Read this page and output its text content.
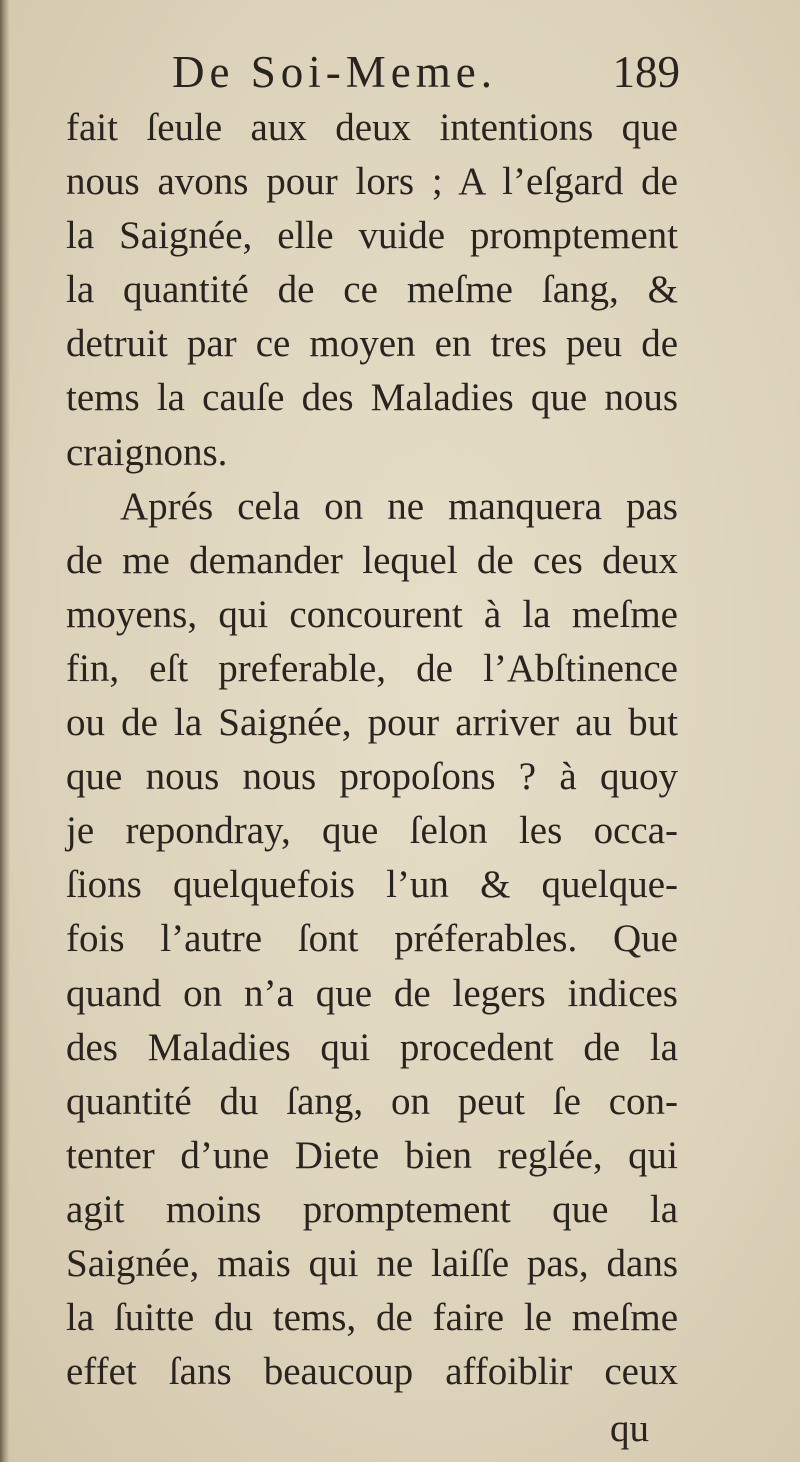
De Soi-Meme.	189
fait ſeule aux deux intentions que
nous avons pour lors ; A l’eſgard de
la Saignée, elle vuide promptement
la quantité de ce meſme ſang, &
detruit par ce moyen en tres peu de
tems la cauſe des Maladies que nous
craignons.
Aprés cela on ne manquera pas
de me demander lequel de ces deux
moyens, qui concourent à la meſme
fin, eſt preferable, de l’Abſtinence
ou de la Saignée, pour arriver au but
que nous nous propoſons ? à quoy
je repondray, que ſelon les occa-
ſions quelquefois l’un & quelque-
fois l’autre ſont préferables. Que
quand on n’a que de legers indices
des Maladies qui procedent de la
quantité du ſang, on peut ſe con-
tenter d’une Diete bien reglée, qui
agit moins promptement que la
Saignée, mais qui ne laiſſe pas, dans
la ſuitte du tems, de faire le meſme
effet ſans beaucoup affoiblir ceux
qu
